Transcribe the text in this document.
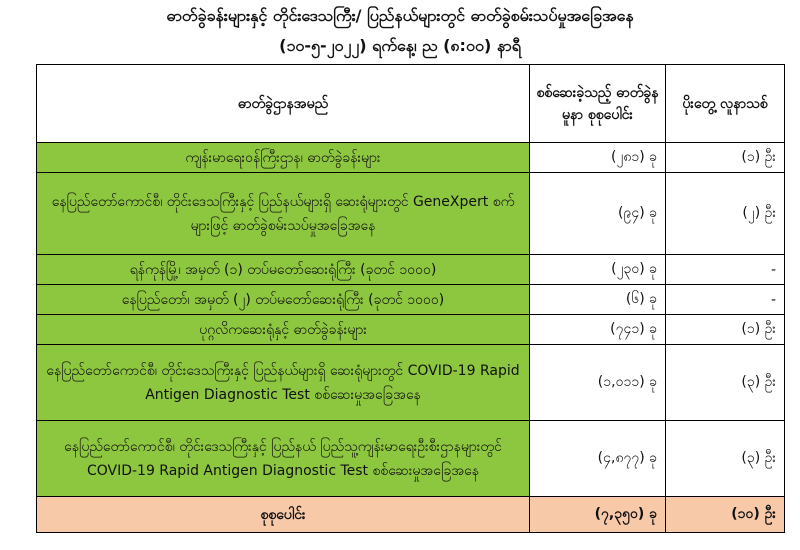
ဓာတ်ခွဲခန်းများနှင့် တိုင်းဒေသကြီး/ ပြည်နယ်များတွင် ဓာတ်ခွဲစမ်းသပ်မှုအခြေအနေ
(၁၀-၅-၂၀၂၂) ရက်နေ့၊ ည (၈:၀၀) နာရီ
ဓာတ်ခွဲဌာနအမည်	စစ်ဆေးခဲ့သည့် ဓာတ်ခွဲနမူနာ စုစုပေါင်း	ပိုးတွေ့ လူနာသစ်
ကျန်းမာရေးဝန်ကြီးဌာန၊ ဓာတ်ခွဲခန်းများ	(၂၈၁) ခု	(၁) ဦး
နေပြည်တော်ကောင်စီ၊ တိုင်းဒေသကြီးနှင့် ပြည်နယ်များရှိ ဆေးရုံများတွင် GeneXpert စက်များဖြင့် ဓာတ်ခွဲစမ်းသပ်မှုအခြေအနေ	(၉၄) ခု	(၂) ဦး
ရန်ကုန်မြို့၊ အမှတ် (၁) တပ်မတော်ဆေးရုံကြီး (ခုတင် ၁၀၀၀)	(၂၃၀) ခု	-
နေပြည်တော်၊ အမှတ် (၂) တပ်မတော်ဆေးရုံကြီး (ခုတင် ၁၀၀၀)	(၆) ခု	-
ပုဂ္ဂလိကဆေးရုံနှင့် ဓာတ်ခွဲခန်းများ	(၇၄၁) ခု	(၁) ဦး
နေပြည်တော်ကောင်စီ၊ တိုင်းဒေသကြီးနှင့် ပြည်နယ်များရှိ ဆေးရုံများတွင် COVID-19 Rapid Antigen Diagnostic Test စစ်ဆေးမှုအခြေအနေ	(၁,၀၁၁) ခု	(၃) ဦး
နေပြည်တော်ကောင်စီ၊ တိုင်းဒေသကြီးနှင့် ပြည်နယ် ပြည်သူ့ကျန်းမာရေးဦးစီးဌာနများတွင် COVID-19 Rapid Antigen Diagnostic Test စစ်ဆေးမှုအခြေအနေ	(၄,၈၇၇) ခု	(၃) ဦး
စုစုပေါင်း	(၇,၃၅၀) ခု	(၁၀) ဦး
